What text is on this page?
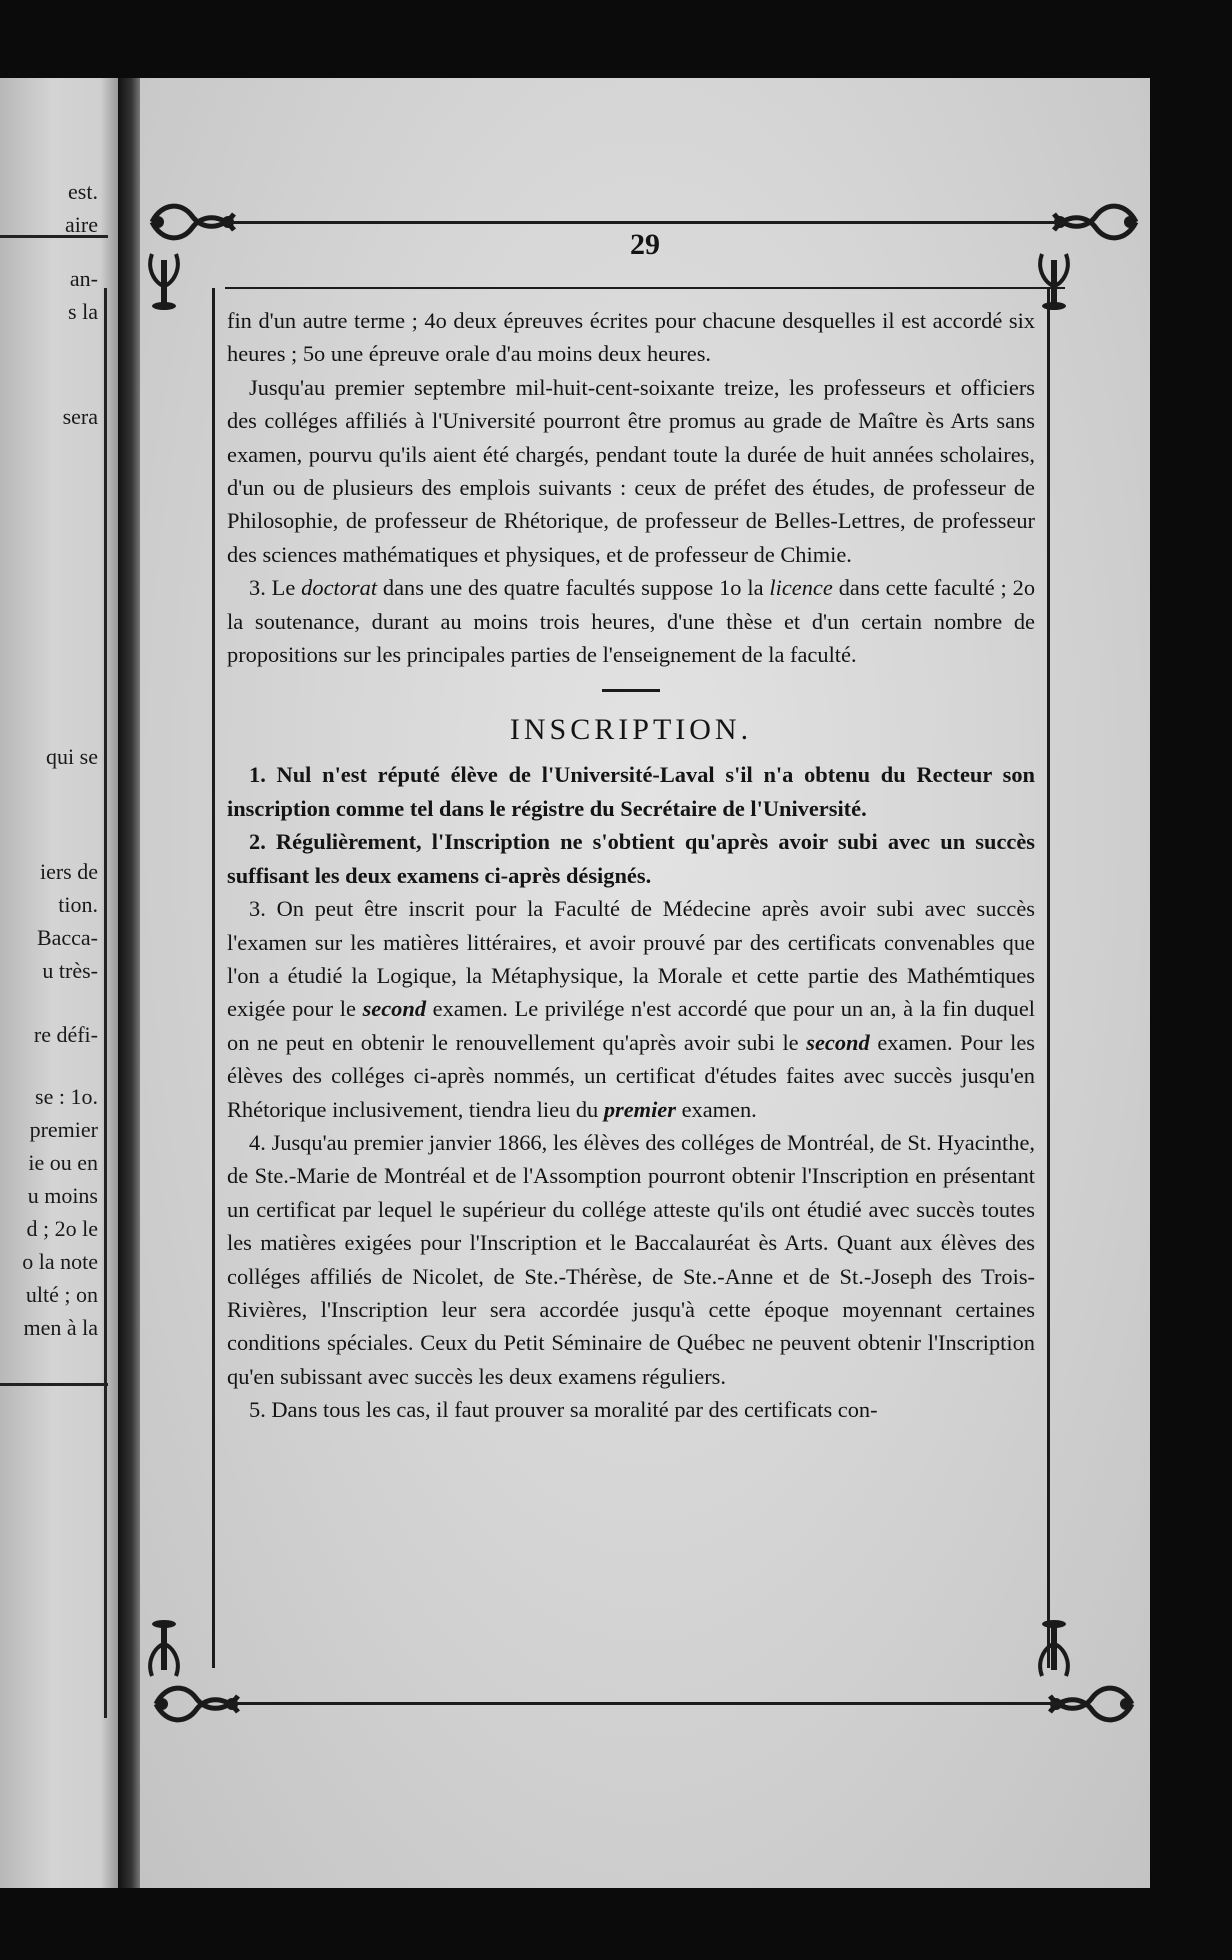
est.
aire
an-
s la
sera
qui se
iers de
tion.
Bacca-
u très-
re défi-
se : 1o.
premier
ie ou en
u moins
d ; 2o le
o la note
ulté ; on
men à la
29

fin d'un autre terme ; 4o deux épreuves écrites pour chacune desquelles il est accordé six heures ; 5o une épreuve orale d'au moins deux heures.

Jusqu'au premier septembre mil-huit-cent-soixante treize, les professeurs et officiers des colléges affiliés à l'Université pourront être promus au grade de Maître ès Arts sans examen, pourvu qu'ils aient été chargés, pendant toute la durée de huit années scholaires, d'un ou de plusieurs des emplois suivants : ceux de préfet des études, de professeur de Philosophie, de professeur de Rhétorique, de professeur de Belles-Lettres, de professeur des sciences mathématiques et physiques, et de professeur de Chimie.

3. Le doctorat dans une des quatre facultés suppose 1o la licence dans cette faculté ; 2o la soutenance, durant au moins trois heures, d'une thèse et d'un certain nombre de propositions sur les principales parties de l'enseignement de la faculté.

INSCRIPTION.

1. Nul n'est réputé élève de l'Université-Laval s'il n'a obtenu du Recteur son inscription comme tel dans le régistre du Secrétaire de l'Université.

2. Régulièrement, l'Inscription ne s'obtient qu'après avoir subi avec un succès suffisant les deux examens ci-après désignés.

3. On peut être inscrit pour la Faculté de Médecine après avoir subi avec succès l'examen sur les matières littéraires, et avoir prouvé par des certificats convenables que l'on a étudié la Logique, la Métaphysique, la Morale et cette partie des Mathémtiques exigée pour le second examen. Le privilége n'est accordé que pour un an, à la fin duquel on ne peut en obtenir le renouvellement qu'après avoir subi le second examen. Pour les élèves des colléges ci-après nommés, un certificat d'études faites avec succès jusqu'en Rhétorique inclusivement, tiendra lieu du premier examen.

4. Jusqu'au premier janvier 1866, les élèves des colléges de Montréal, de St. Hyacinthe, de Ste.-Marie de Montréal et de l'Assomption pourront obtenir l'Inscription en présentant un certificat par lequel le supérieur du collége atteste qu'ils ont étudié avec succès toutes les matières exigées pour l'Inscription et le Baccalauréat ès Arts. Quant aux élèves des colléges affiliés de Nicolet, de Ste.-Thérèse, de Ste.-Anne et de St.-Joseph des Trois-Rivières, l'Inscription leur sera accordée jusqu'à cette époque moyennant certaines conditions spéciales. Ceux du Petit Séminaire de Québec ne peuvent obtenir l'Inscription qu'en subissant avec succès les deux examens réguliers.

5. Dans tous les cas, il faut prouver sa moralité par des certificats con-
